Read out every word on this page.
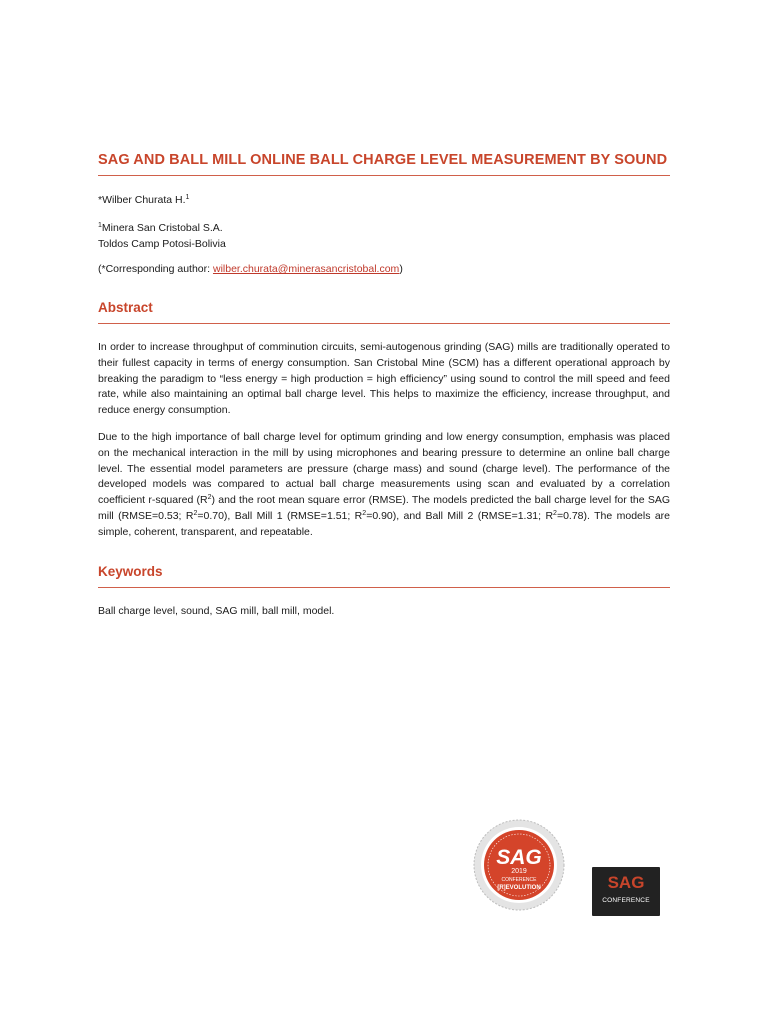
SAG AND BALL MILL ONLINE BALL CHARGE LEVEL MEASUREMENT BY SOUND
*Wilber Churata H.$^1$
$^1$Minera San Cristobal S.A.
Toldos Camp Potosi-Bolivia
(*Corresponding author: wilber.churata@minerasancristobal.com)
Abstract
In order to increase throughput of comminution circuits, semi-autogenous grinding (SAG) mills are traditionally operated to their fullest capacity in terms of energy consumption. San Cristobal Mine (SCM) has a different operational approach by breaking the paradigm to “less energy = high production = high efficiency” using sound to control the mill speed and feed rate, while also maintaining an optimal ball charge level. This helps to maximize the efficiency, increase throughput, and reduce energy consumption.
Due to the high importance of ball charge level for optimum grinding and low energy consumption, emphasis was placed on the mechanical interaction in the mill by using microphones and bearing pressure to determine an online ball charge level. The essential model parameters are pressure (charge mass) and sound (charge level). The performance of the developed models was compared to actual ball charge measurements using scan and evaluated by a correlation coefficient r-squared $(R^2)$ and the root mean square error (RMSE). The models predicted the ball charge level for the SAG mill (RMSE=0.53; $R^2=0.70$), Ball Mill 1 (RMSE=1.51; $R^2=0.90$), and Ball Mill 2 (RMSE=1.31; $R^2=0.78$). The models are simple, coherent, transparent, and repeatable.
Keywords
Ball charge level, sound, SAG mill, ball mill, model.
SAG
2019
CONFERENCE
[R]EVOLUTION	SAG
CONFERENCE
